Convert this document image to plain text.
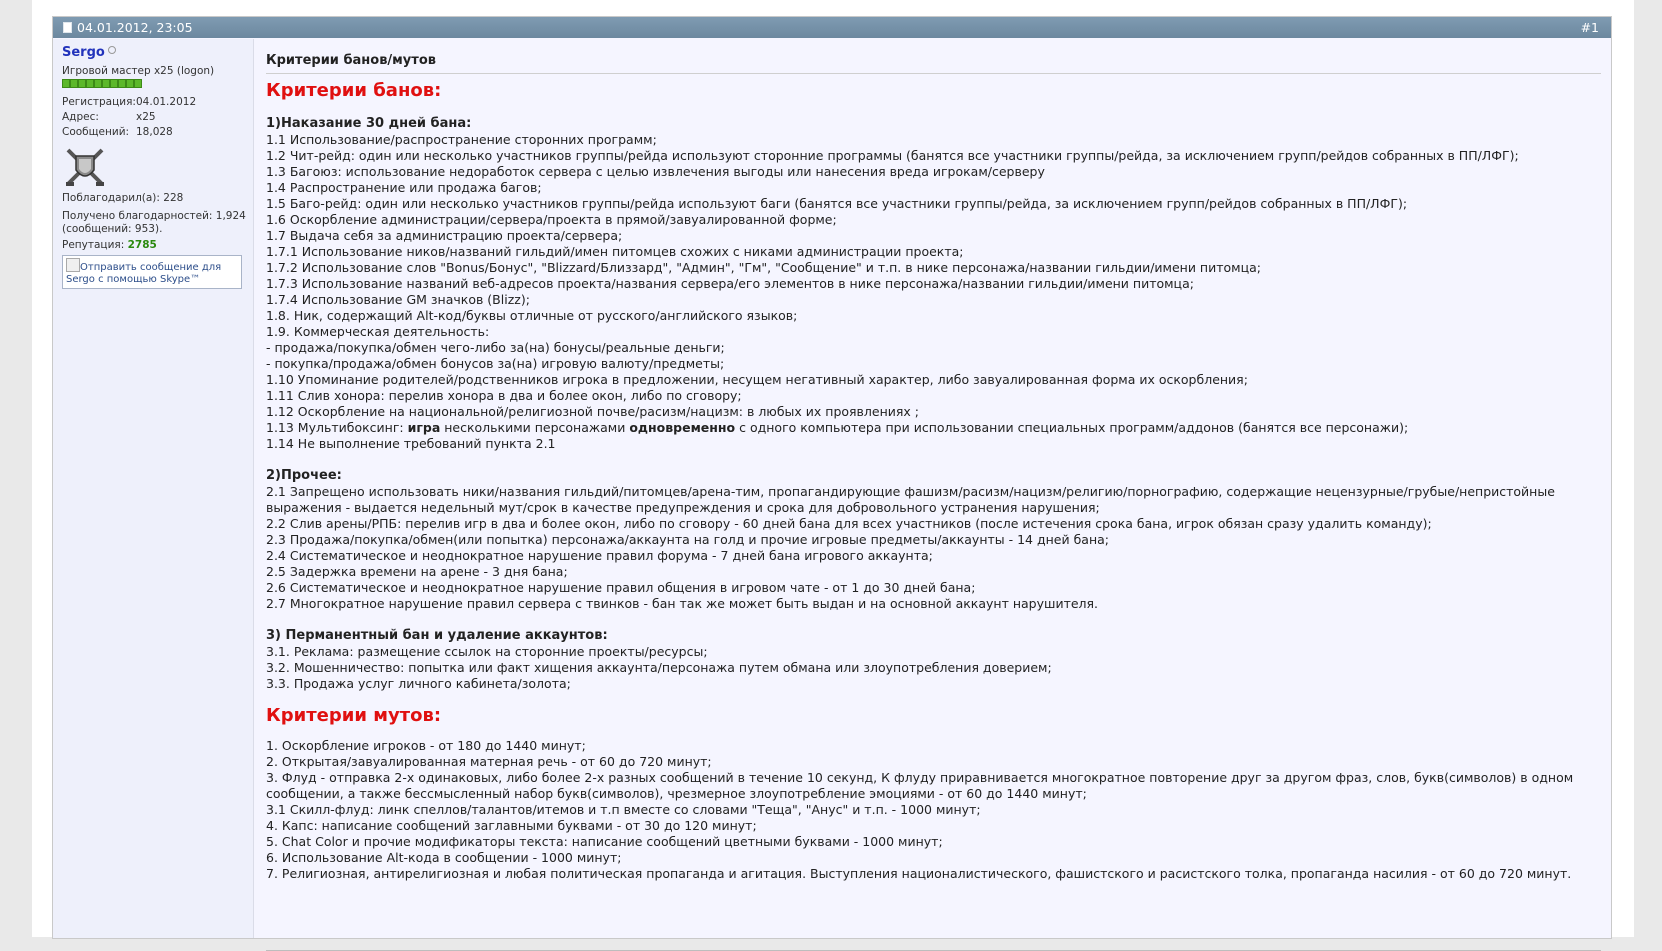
04.01.2012, 23:05	#1
Sergo
Игровой мастер x25 (logon)
Регистрация:04.01.2012
Адрес:	x25
Сообщений: 18,028
Поблагодарил(а): 228
Получено благодарностей: 1,924 (сообщений: 953).
Репутация: 2785
Отправить сообщение для Sergo с помощью Skype™
Критерии банов/мутов
Критерии банов:
1)Наказание 30 дней бана:
1.1 Использование/распространение сторонних программ;
1.2 Чит-рейд: один или несколько участников группы/рейда используют сторонние программы (банятся все участники группы/рейда, за исключением групп/рейдов собранных в ПП/ЛФГ);
1.3 Багоюз: использование недоработок сервера с целью извлечения выгоды или нанесения вреда игрокам/серверу
1.4 Распространение или продажа багов;
1.5 Баго-рейд: один или несколько участников группы/рейда используют баги (банятся все участники группы/рейда, за исключением групп/рейдов собранных в ПП/ЛФГ);
1.6 Оскорбление администрации/сервера/проекта в прямой/завуалированной форме;
1.7 Выдача себя за администрацию проекта/сервера;
1.7.1 Использование ников/названий гильдий/имен питомцев схожих с никами администрации проекта;
1.7.2 Использование слов "Bonus/Бонус", "Blizzard/Близзард", "Админ", "Гм", "Сообщение" и т.п. в нике персонажа/названии гильдии/имени питомца;
1.7.3 Использование названий веб-адресов проекта/названия сервера/его элементов в нике персонажа/названии гильдии/имени питомца;
1.7.4 Использование GM значков (Blizz);
1.8. Ник, содержащий Alt-код/буквы отличные от русского/английского языков;
1.9. Коммерческая деятельность:
- продажа/покупка/обмен чего-либо за(на) бонусы/реальные деньги;
- покупка/продажа/обмен бонусов за(на) игровую валюту/предметы;
1.10 Упоминание родителей/родственников игрока в предложении, несущем негативный характер, либо завуалированная форма их оскорбления;
1.11 Слив хонора: перелив хонора в два и более окон, либо по сговору;
1.12 Оскорбление на национальной/религиозной почве/расизм/нацизм: в любых их проявлениях ;
1.13 Мультибоксинг: игра несколькими персонажами одновременно с одного компьютера при использовании специальных программ/аддонов (банятся все персонажи);
1.14 Не выполнение требований пункта 2.1
2)Прочее:
2.1 Запрещено использовать ники/названия гильдий/питомцев/арена-тим, пропагандирующие фашизм/расизм/нацизм/религию/порнографию, содержащие нецензурные/грубые/непристойные выражения - выдается недельный мут/срок в качестве предупреждения и срока для добровольного устранения нарушения;
2.2 Слив арены/РПБ: перелив игр в два и более окон, либо по сговору - 60 дней бана для всех участников (после истечения срока бана, игрок обязан сразу удалить команду);
2.3 Продажа/покупка/обмен(или попытка) персонажа/аккаунта на голд и прочие игровые предметы/аккаунты - 14 дней бана;
2.4 Систематическое и неоднократное нарушение правил форума - 7 дней бана игрового аккаунта;
2.5 Задержка времени на арене - 3 дня бана;
2.6 Систематическое и неоднократное нарушение правил общения в игровом чате - от 1 до 30 дней бана;
2.7 Многократное нарушение правил сервера с твинков - бан так же может быть выдан и на основной аккаунт нарушителя.
3) Перманентный бан и удаление аккаунтов:
3.1. Реклама: размещение ссылок на сторонние проекты/ресурсы;
3.2. Мошенничество: попытка или факт хищения аккаунта/персонажа путем обмана или злоупотребления доверием;
3.3. Продажа услуг личного кабинета/золота;
Критерии мутов:
1. Оскорбление игроков - от 180 до 1440 минут;
2. Открытая/завуалированная матерная речь - от 60 до 720 минут;
3. Флуд - отправка 2-х одинаковых, либо более 2-х разных сообщений в течение 10 секунд, К флуду приравнивается многократное повторение друг за другом фраз, слов, букв(символов) в одном сообщении, а также бессмысленный набор букв(символов), чрезмерное злоупотребление эмоциями - от 60 до 1440 минут;
3.1 Скилл-флуд: линк спеллов/талантов/итемов и т.п вместе со словами "Теща", "Анус" и т.п. - 1000 минут;
4. Капс: написание сообщений заглавными буквами - от 30 до 120 минут;
5. Chat Color и прочие модификаторы текста: написание сообщений цветными буквами - 1000 минут;
6. Использование Alt-кода в сообщении - 1000 минут;
7. Религиозная, антирелигиозная и любая политическая пропаганда и агитация. Выступления националистического, фашистского и расистского толка, пропаганда насилия - от 60 до 720 минут.
